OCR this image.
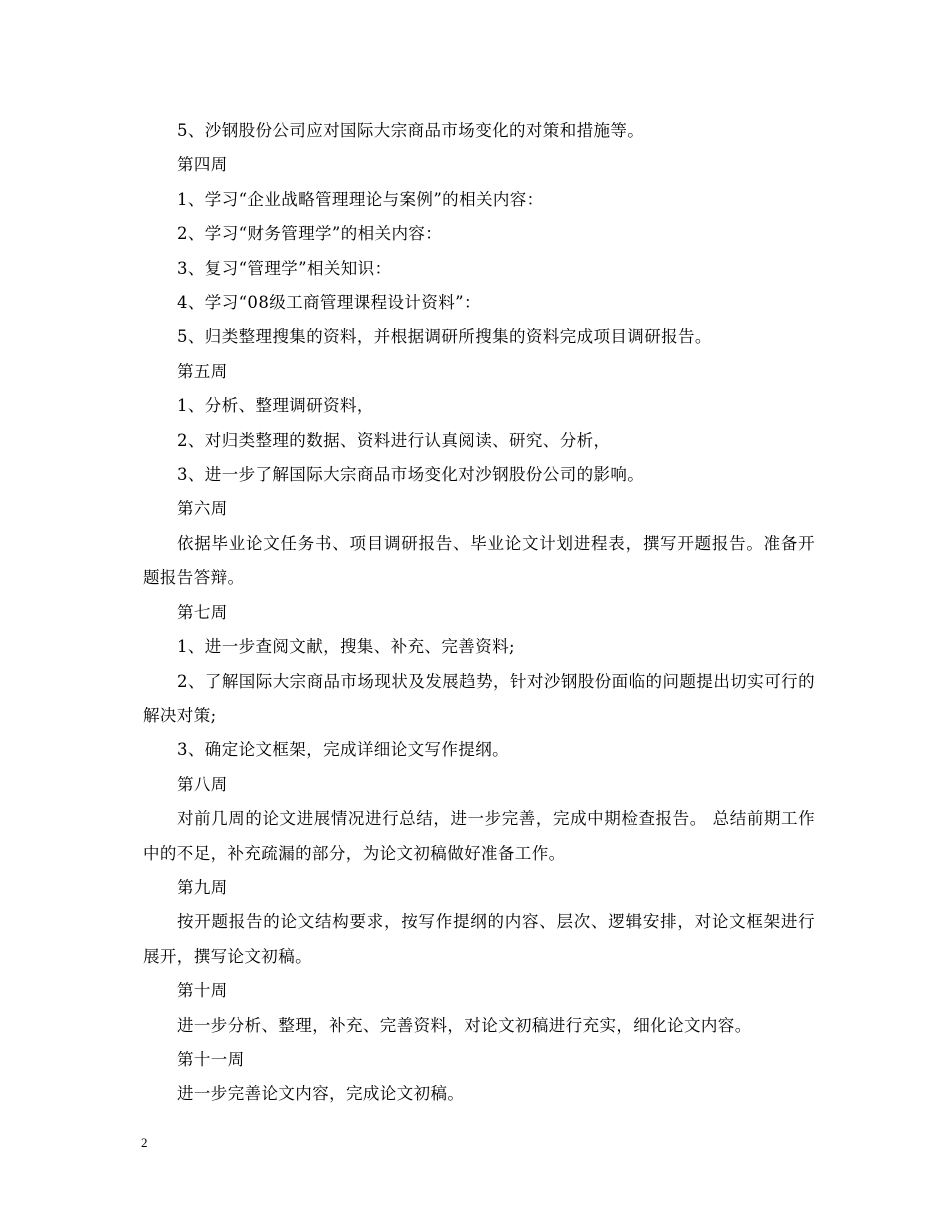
5、沙钢股份公司应对国际大宗商品市场变化的对策和措施等。

第四周

1、学习“企业战略管理理论与案例”的相关内容：

2、学习“财务管理学”的相关内容：

3、复习“管理学”相关知识：

4、学习“08级工商管理课程设计资料”：

5、归类整理搜集的资料，并根据调研所搜集的资料完成项目调研报告。

第五周

1、分析、整理调研资料，

2、对归类整理的数据、资料进行认真阅读、研究、分析，

3、进一步了解国际大宗商品市场变化对沙钢股份公司的影响。

第六周

依据毕业论文任务书、项目调研报告、毕业论文计划进程表，撰写开题报告。准备开题报告答辩。

第七周

1、进一步查阅文献，搜集、补充、完善资料;

2、了解国际大宗商品市场现状及发展趋势，针对沙钢股份面临的问题提出切实可行的解决对策;

3、确定论文框架，完成详细论文写作提纲。

第八周

对前几周的论文进展情况进行总结，进一步完善，完成中期检查报告。 总结前期工作中的不足，补充疏漏的部分，为论文初稿做好准备工作。

第九周

按开题报告的论文结构要求，按写作提纲的内容、层次、逻辑安排，对论文框架进行展开，撰写论文初稿。

第十周

进一步分析、整理，补充、完善资料，对论文初稿进行充实，细化论文内容。

第十一周

进一步完善论文内容，完成论文初稿。

2
